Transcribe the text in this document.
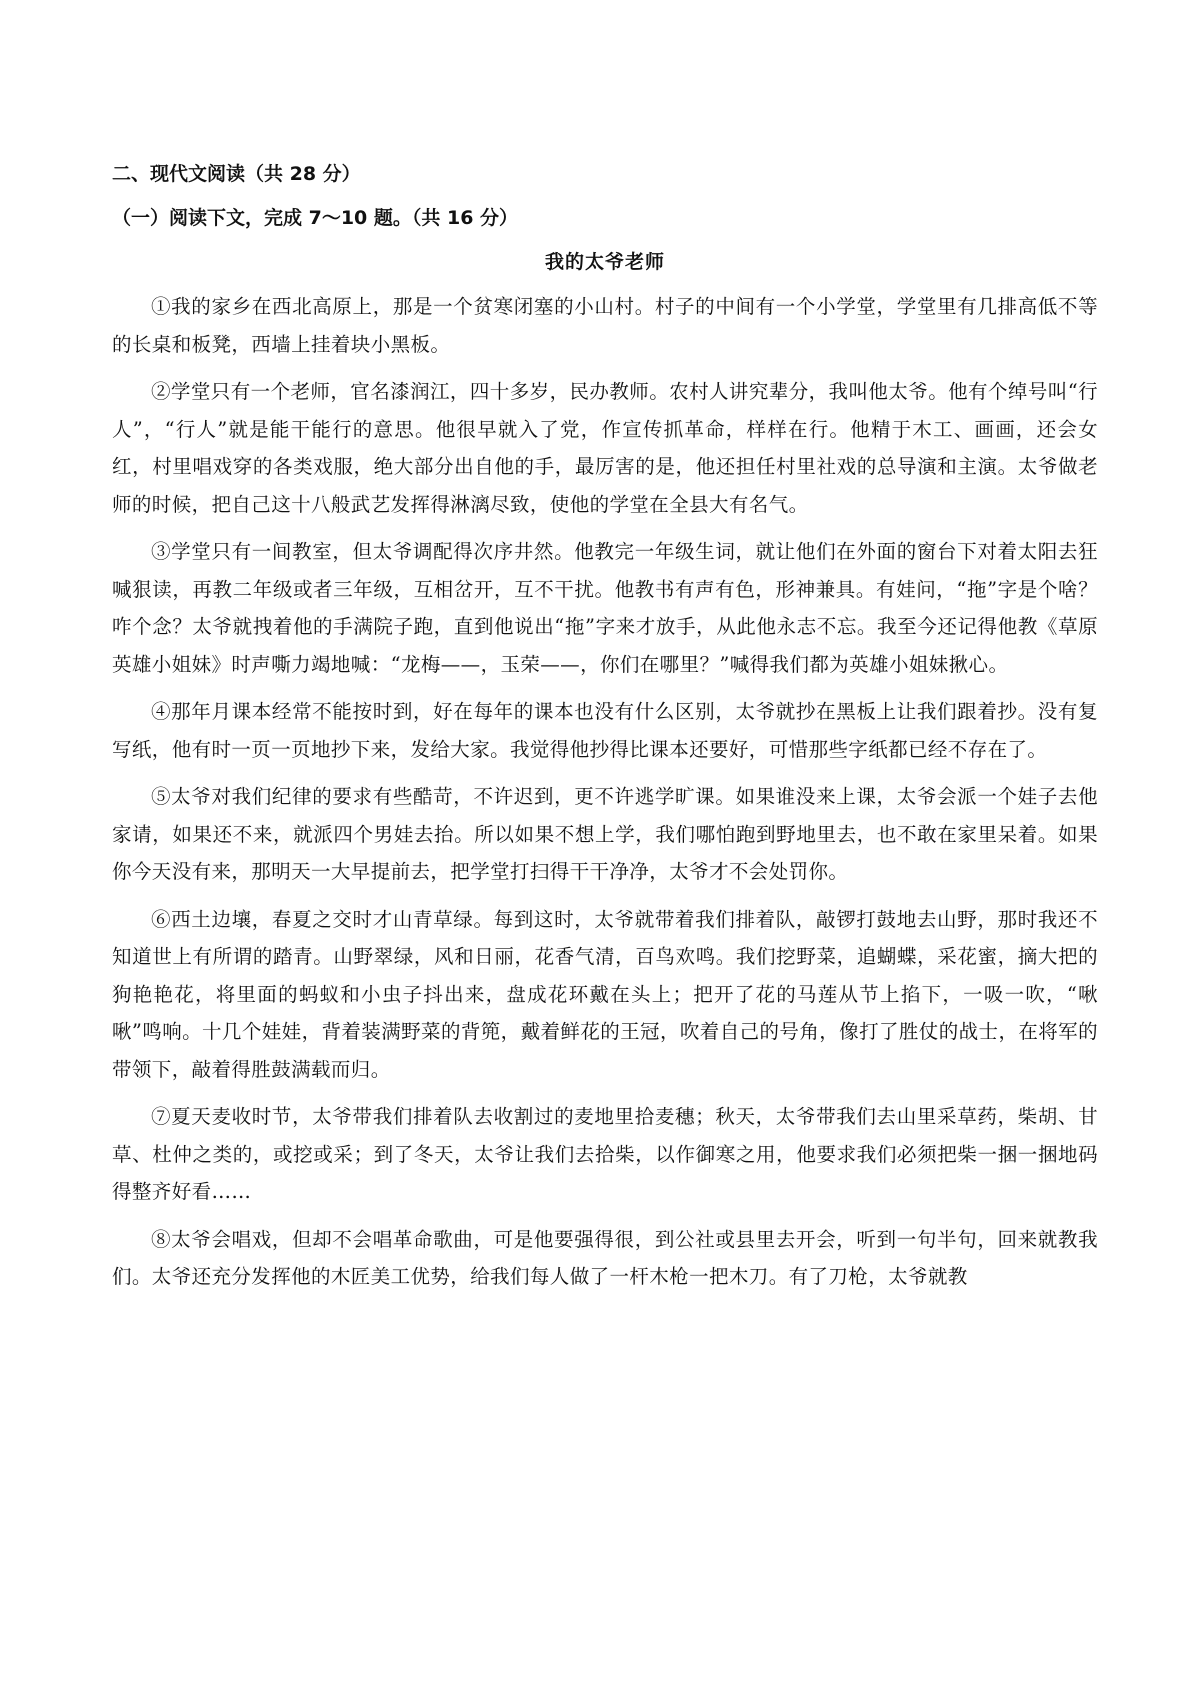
二、现代文阅读（共 28 分）
（一）阅读下文，完成 7～10 题。（共 16 分）
我的太爷老师

①我的家乡在西北高原上，那是一个贫寒闭塞的小山村。村子的中间有一个小学堂，学堂里有几排高低不等的长桌和板凳，西墙上挂着块小黑板。

②学堂只有一个老师，官名漆润江，四十多岁，民办教师。农村人讲究辈分，我叫他太爷。他有个绰号叫“行人”，“行人”就是能干能行的意思。他很早就入了党，作宣传抓革命，样样在行。他精于木工、画画，还会女红，村里唱戏穿的各类戏服，绝大部分出自他的手，最厉害的是，他还担任村里社戏的总导演和主演。太爷做老师的时候，把自己这十八般武艺发挥得淋漓尽致，使他的学堂在全县大有名气。

③学堂只有一间教室，但太爷调配得次序井然。他教完一年级生词，就让他们在外面的窗台下对着太阳去狂喊狠读，再教二年级或者三年级，互相岔开，互不干扰。他教书有声有色，形神兼具。有娃问，“拖”字是个啥？咋个念？太爷就拽着他的手满院子跑，直到他说出“拖”字来才放手，从此他永志不忘。我至今还记得他教《草原英雄小姐妹》时声嘶力竭地喊：“龙梅——，玉荣——，你们在哪里？”喊得我们都为英雄小姐妹揪心。

④那年月课本经常不能按时到，好在每年的课本也没有什么区别，太爷就抄在黑板上让我们跟着抄。没有复写纸，他有时一页一页地抄下来，发给大家。我觉得他抄得比课本还要好，可惜那些字纸都已经不存在了。

⑤太爷对我们纪律的要求有些酷苛，不许迟到，更不许逃学旷课。如果谁没来上课，太爷会派一个娃子去他家请，如果还不来，就派四个男娃去抬。所以如果不想上学，我们哪怕跑到野地里去，也不敢在家里呆着。如果你今天没有来，那明天一大早提前去，把学堂打扫得干干净净，太爷才不会处罚你。

⑥西土边壤，春夏之交时才山青草绿。每到这时，太爷就带着我们排着队，敲锣打鼓地去山野，那时我还不知道世上有所谓的踏青。山野翠绿，风和日丽，花香气清，百鸟欢鸣。我们挖野菜，追蝴蝶，采花蜜，摘大把的狗艳艳花，将里面的蚂蚁和小虫子抖出来，盘成花环戴在头上；把开了花的马莲从节上掐下，一吸一吹，“啾啾”鸣响。十几个娃娃，背着装满野菜的背篼，戴着鲜花的王冠，吹着自己的号角，像打了胜仗的战士，在将军的带领下，敲着得胜鼓满载而归。

⑦夏天麦收时节，太爷带我们排着队去收割过的麦地里拾麦穗；秋天，太爷带我们去山里采草药，柴胡、甘草、杜仲之类的，或挖或采；到了冬天，太爷让我们去拾柴，以作御寒之用，他要求我们必须把柴一捆一捆地码得整齐好看……

⑧太爷会唱戏，但却不会唱革命歌曲，可是他要强得很，到公社或县里去开会，听到一句半句，回来就教我们。太爷还充分发挥他的木匠美工优势，给我们每人做了一杆木枪一把木刀。有了刀枪，太爷就教
